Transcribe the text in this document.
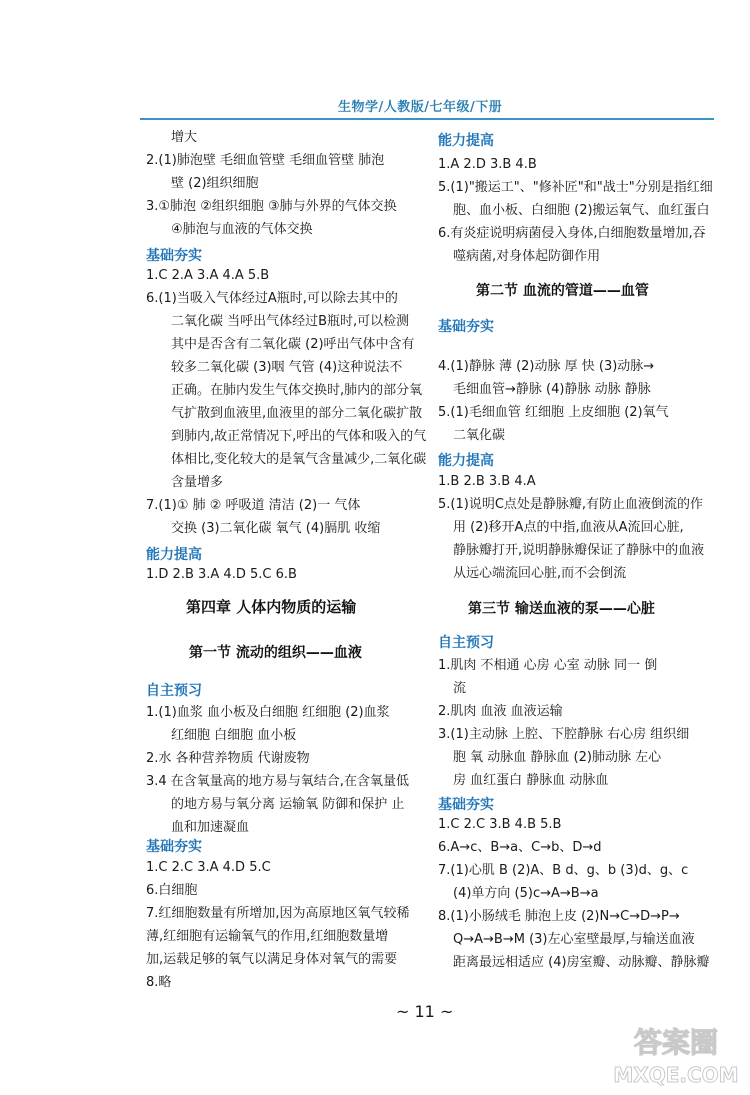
生物学/人教版/七年级/下册
增大
2.(1)肺泡壁 毛细血管壁 毛细血管壁 肺泡
壁 (2)组织细胞
3.①肺泡 ②组织细胞 ③肺与外界的气体交换
④肺泡与血液的气体交换
基础夯实
1.C 2.A 3.A 4.A 5.B
6.(1)当吸入气体经过A瓶时,可以除去其中的
二氧化碳 当呼出气体经过B瓶时,可以检测
其中是否含有二氧化碳 (2)呼出气体中含有
较多二氧化碳 (3)咽 气管 (4)这种说法不
正确。在肺内发生气体交换时,肺内的部分氧
气扩散到血液里,血液里的部分二氧化碳扩散
到肺内,故正常情况下,呼出的气体和吸入的气
体相比,变化较大的是氧气含量减少,二氧化碳
含量增多
7.(1)① 肺 ② 呼吸道 清洁 (2)一 气体
交换 (3)二氧化碳 氧气 (4)膈肌 收缩
能力提高
1.D 2.B 3.A 4.D 5.C 6.B
第四章 人体内物质的运输
第一节 流动的组织——血液
自主预习
1.(1)血浆 血小板及白细胞 红细胞 (2)血浆
红细胞 白细胞 血小板
2.水 各种营养物质 代谢废物
3.4 在含氧量高的地方易与氧结合,在含氧量低
的地方易与氧分离 运输氧 防御和保护 止
血和加速凝血
基础夯实
1.C 2.C 3.A 4.D 5.C
6.白细胞
7.红细胞数量有所增加,因为高原地区氧气较稀
薄,红细胞有运输氧气的作用,红细胞数量增
加,运载足够的氧气以满足身体对氧气的需要
8.略
能力提高
1.A 2.D 3.B 4.B
5.(1)"搬运工"、"修补匠"和"战士"分别是指红细
胞、血小板、白细胞 (2)搬运氧气、血红蛋白
6.有炎症说明病菌侵入身体,白细胞数量增加,吞
噬病菌,对身体起防御作用
第二节 血流的管道——血管
基础夯实
4.(1)静脉 薄 (2)动脉 厚 快 (3)动脉→
毛细血管→静脉 (4)静脉 动脉 静脉
5.(1)毛细血管 红细胞 上皮细胞 (2)氧气
二氧化碳
能力提高
1.B 2.B 3.B 4.A
5.(1)说明C点处是静脉瓣,有防止血液倒流的作
用 (2)移开A点的中指,血液从A流回心脏,
静脉瓣打开,说明静脉瓣保证了静脉中的血液
从远心端流回心脏,而不会倒流
第三节 输送血液的泵——心脏
自主预习
1.肌肉 不相通 心房 心室 动脉 同一 倒
流
2.肌肉 血液 血液运输
3.(1)主动脉 上腔、下腔静脉 右心房 组织细
胞 氧 动脉血 静脉血 (2)肺动脉 左心
房 血红蛋白 静脉血 动脉血
基础夯实
1.C 2.C 3.B 4.B 5.B
6.A→c、B→a、C→b、D→d
7.(1)心肌 B (2)A、B d、g、b (3)d、g、c
(4)单方向 (5)c→A→B→a
8.(1)小肠绒毛 肺泡上皮 (2)N→C→D→P→
Q→A→B→M (3)左心室壁最厚,与输送血液
距离最远相适应 (4)房室瓣、动脉瓣、静脉瓣
~ 11 ~
答案圈
MXQE.COM
